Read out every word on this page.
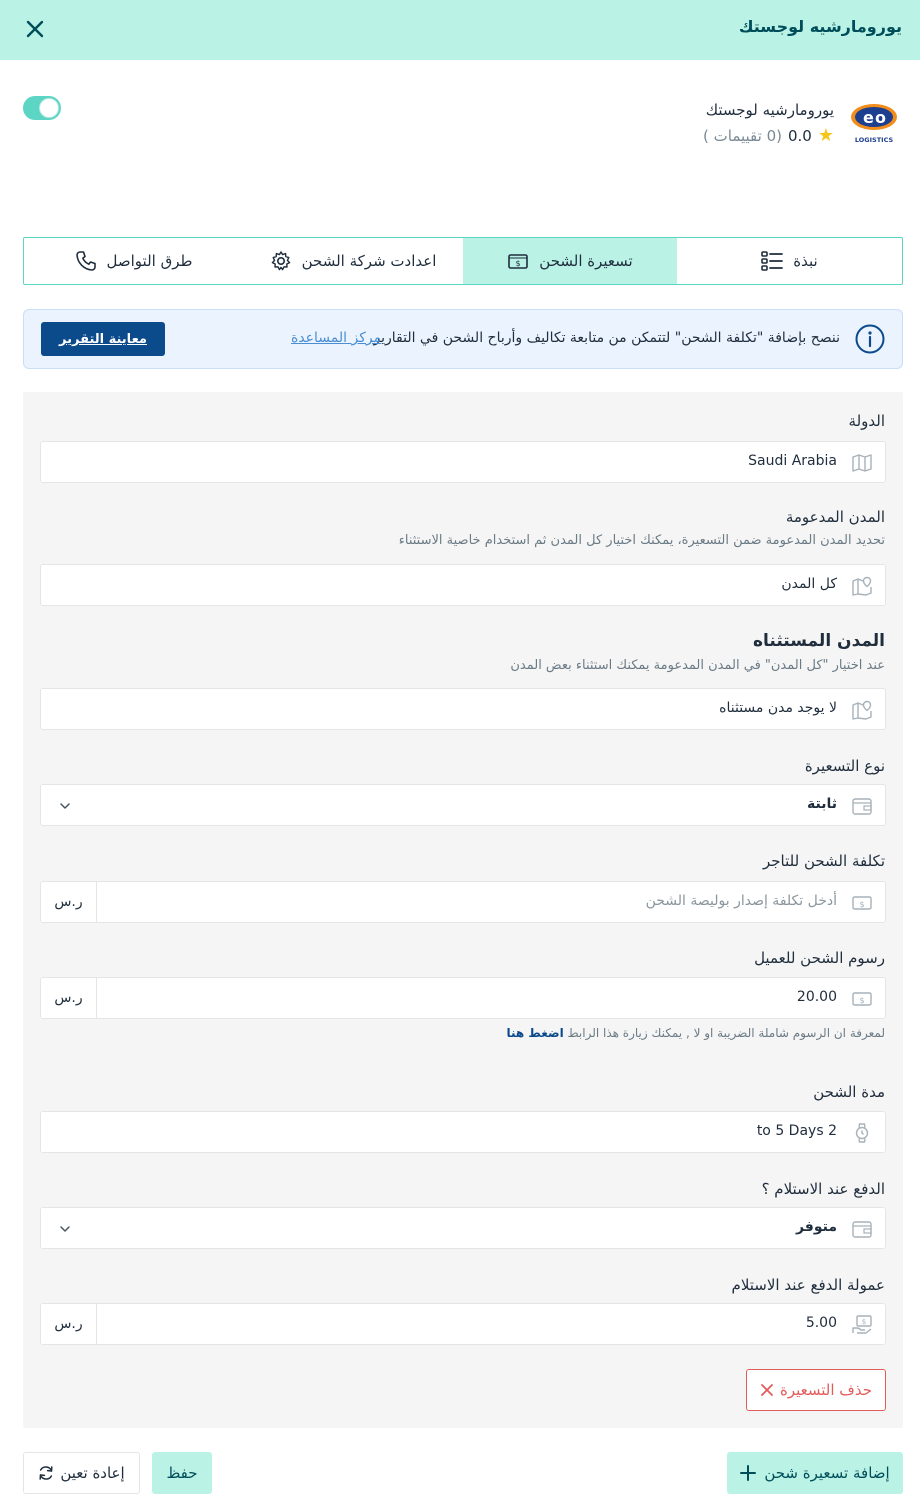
يورومارشيه لوجستك
e o
LOGISTICS
يورومارشيه لوجستك
★
0.0
(0 تقييمات )
نبذة
$ تسعيرة الشحن
اعدادت شركة الشحن
طرق التواصل
ننصح بإضافة "تكلفة الشحن" لتتمكن من متابعة تكاليف وأرباح الشحن في التقارير.
مركز المساعدة
معاينة التقرير
الدولة
Saudi Arabia
المدن المدعومة
تحديد المدن المدعومة ضمن التسعيرة، يمكنك اختيار كل المدن ثم استخدام خاصية الاستثناء
كل المدن
المدن المستثناه
عند اختيار "كل المدن" في المدن المدعومة يمكنك استثناء بعض المدن
لا يوجد مدن مستثناه
نوع التسعيرة
ثابتة
تكلفة الشحن للتاجر
$
أدخل تكلفة إصدار بوليصة الشحن
ر.س
رسوم الشحن للعميل
$
20.00
ر.س
لمعرفة ان الرسوم شاملة الضريبة او لا , يمكنك زيارة هذا الرابط اضغط هنا
مدة الشحن
2 to 5 Days
الدفع عند الاستلام ؟
متوفر
عمولة الدفع عند الاستلام
$
5.00
ر.س
حذف التسعيرة
إضافة تسعيرة شحن
حفظ
إعادة تعين
